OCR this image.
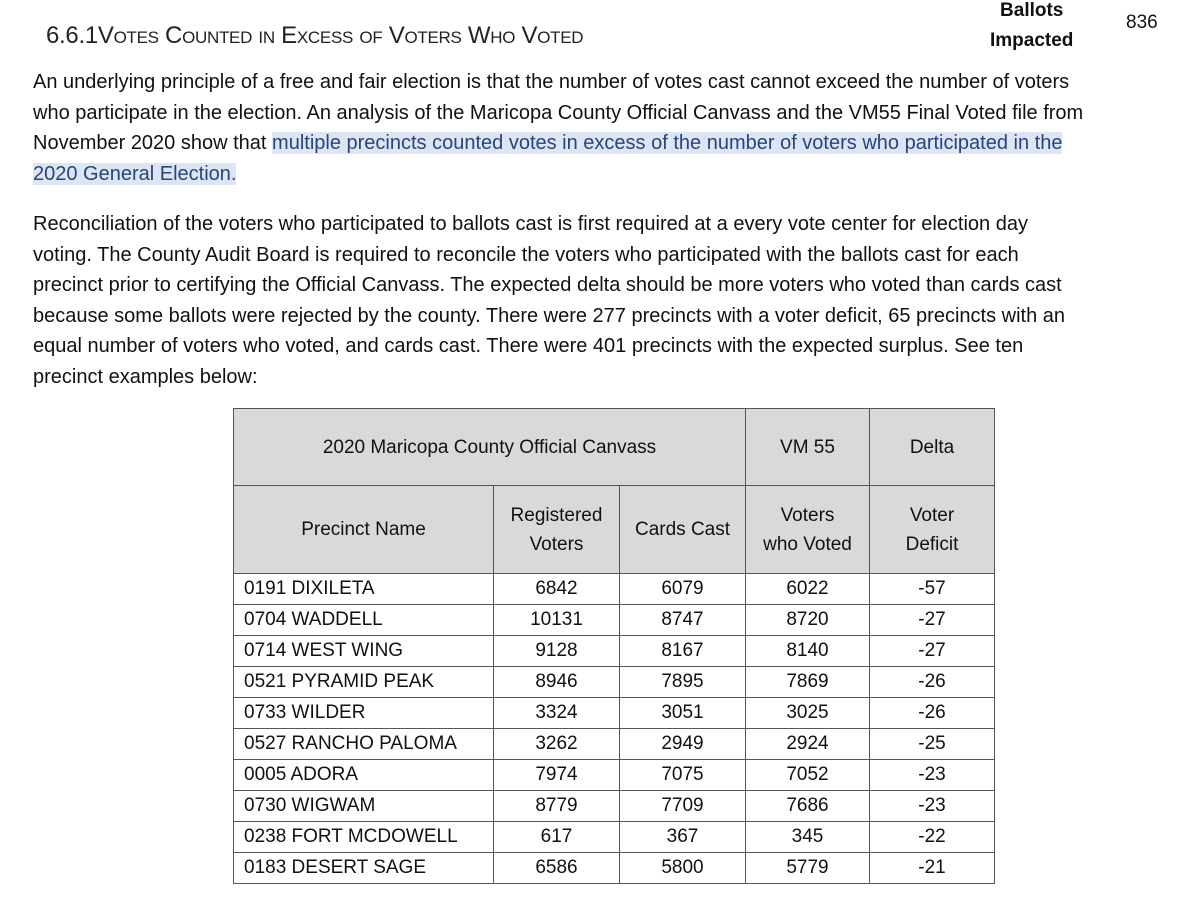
6.6.1Votes Counted in Excess of Voters Who Voted
Ballots
Impacted
836
An underlying principle of a free and fair election is that the number of votes cast cannot exceed the number of voters
who participate in the election. An analysis of the Maricopa County Official Canvass and the VM55 Final Voted file from
November 2020 show that multiple precincts counted votes in excess of the number of voters who participated in the
2020 General Election.
Reconciliation of the voters who participated to ballots cast is first required at a every vote center for election day
voting. The County Audit Board is required to reconcile the voters who participated with the ballots cast for each
precinct prior to certifying the Official Canvass. The expected delta should be more voters who voted than cards cast
because some ballots were rejected by the county. There were 277 precincts with a voter deficit, 65 precincts with an
equal number of voters who voted, and cards cast. There were 401 precincts with the expected surplus. See ten
precinct examples below:
2020 Maricopa County Official Canvass			VM 55	Delta
Precinct Name	Registered Voters	Cards Cast	Voters who Voted	Voter Deficit
0191 DIXILETA	6842	6079	6022	-57
0704 WADDELL	10131	8747	8720	-27
0714 WEST WING	9128	8167	8140	-27
0521 PYRAMID PEAK	8946	7895	7869	-26
0733 WILDER	3324	3051	3025	-26
0527 RANCHO PALOMA	3262	2949	2924	-25
0005 ADORA	7974	7075	7052	-23
0730 WIGWAM	8779	7709	7686	-23
0238 FORT MCDOWELL	617	367	345	-22
0183 DESERT SAGE	6586	5800	5779	-21
